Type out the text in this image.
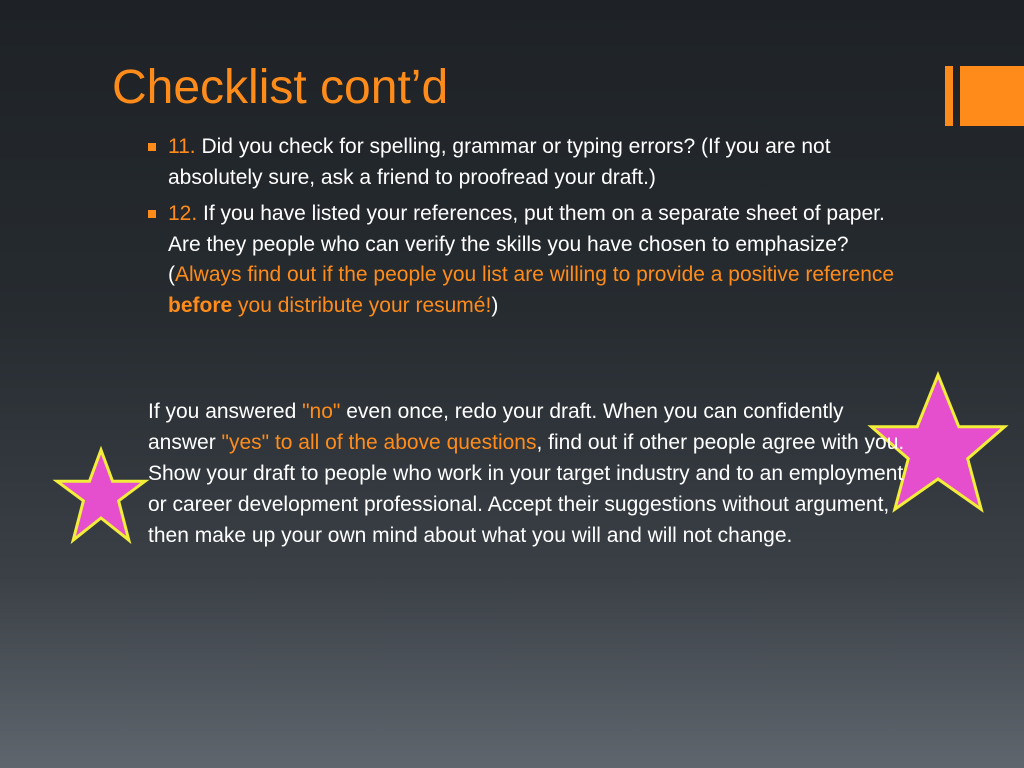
Checklist cont’d
11. Did you check for spelling, grammar or typing errors? (If you are not absolutely sure, ask a friend to proofread your draft.)
12. If you have listed your references, put them on a separate sheet of paper. Are they people who can verify the skills you have chosen to emphasize? (Always find out if the people you list are willing to provide a positive reference before you distribute your resumé!)

If you answered "no" even once, redo your draft. When you can confidently answer "yes" to all of the above questions, find out if other people agree with you. Show your draft to people who work in your target industry and to an employment or career development professional. Accept their suggestions without argument, then make up your own mind about what you will and will not change.
